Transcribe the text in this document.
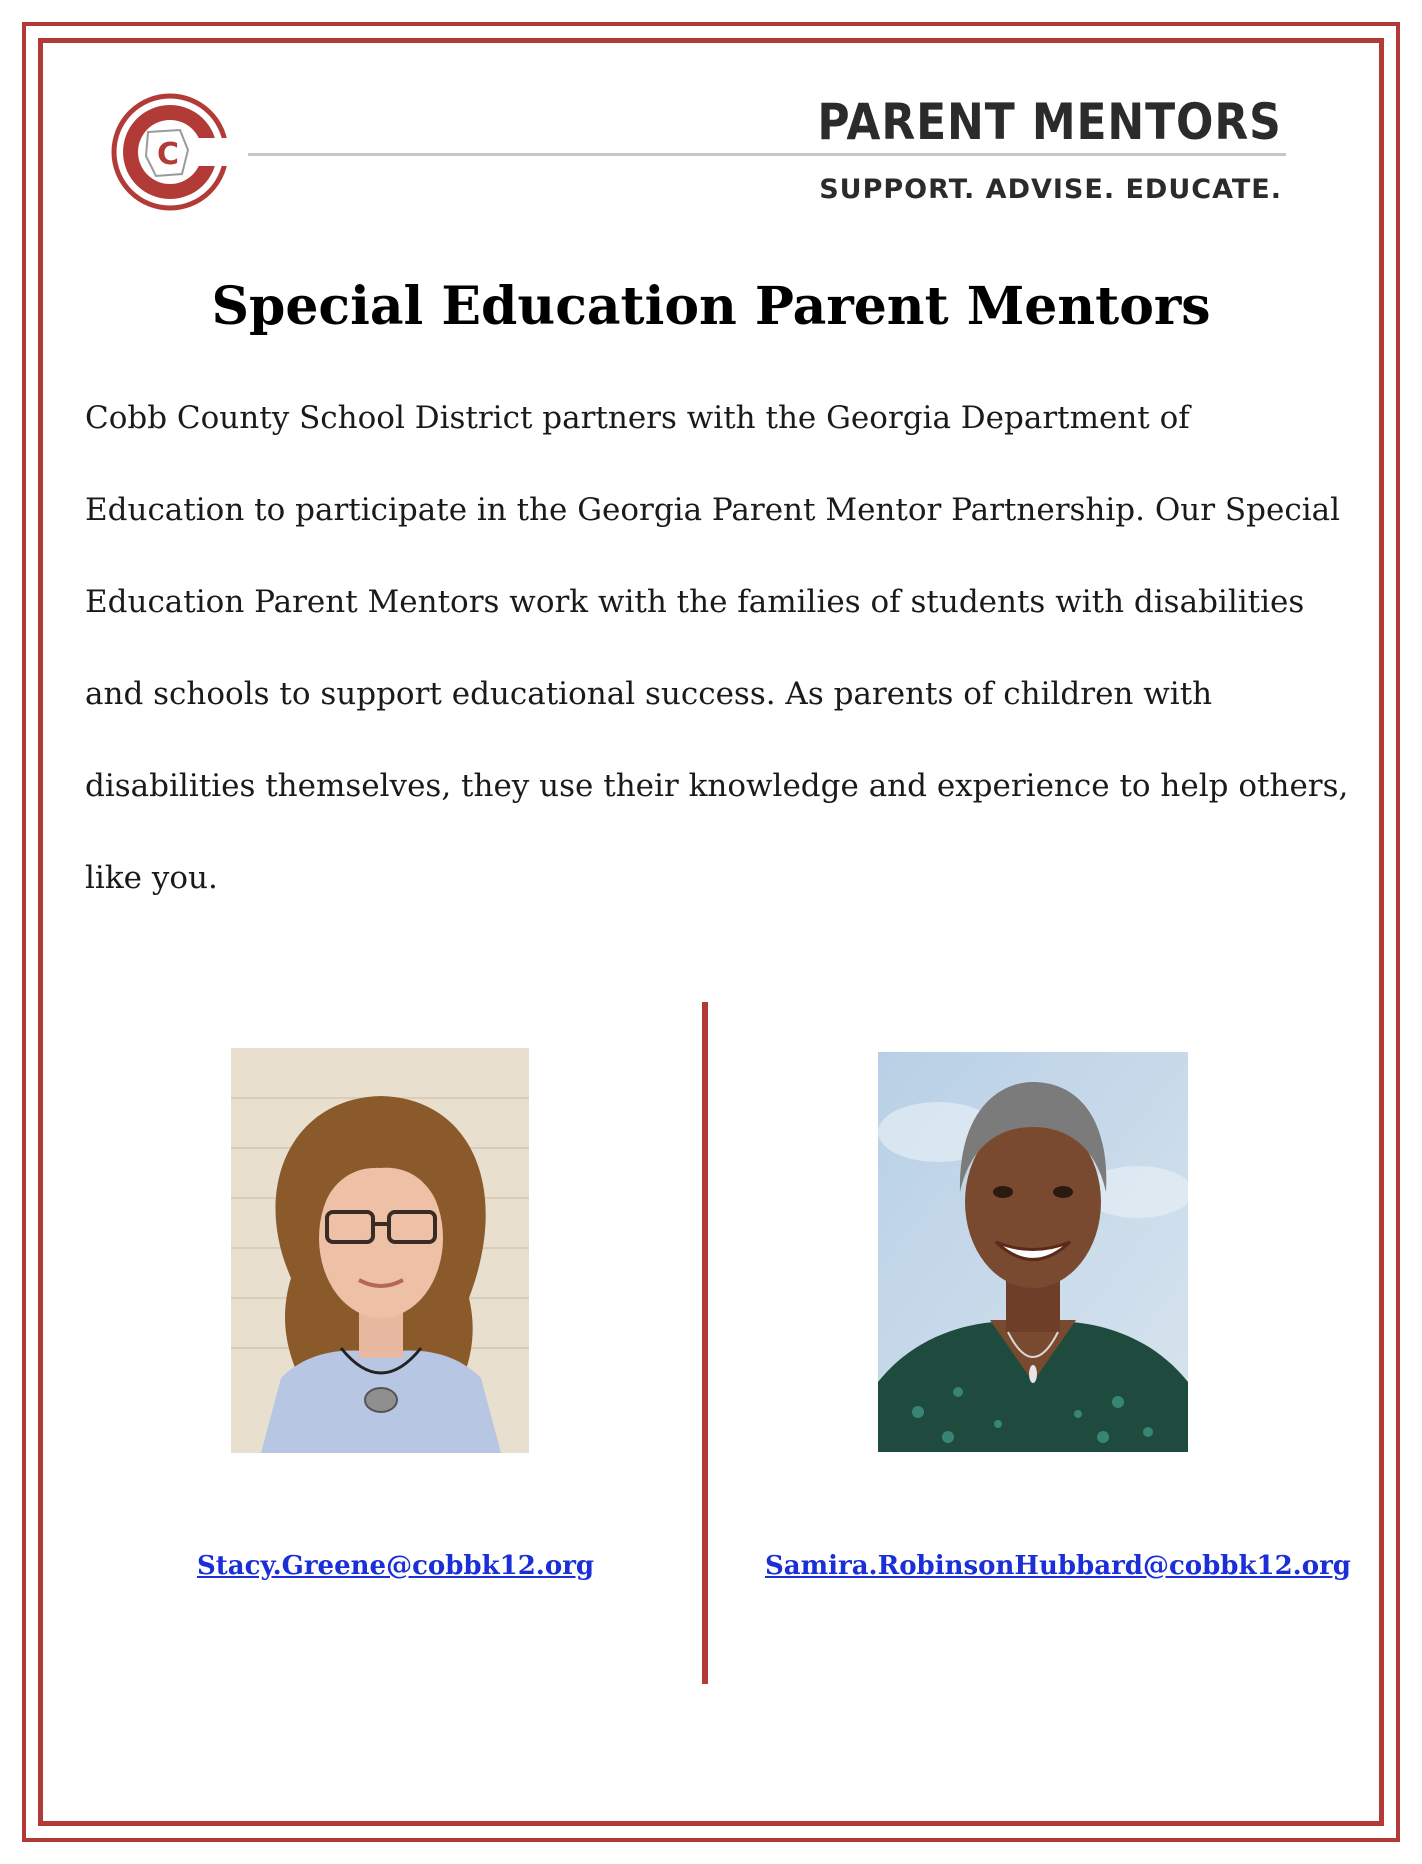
C
PARENT MENTORS

SUPPORT. ADVISE. EDUCATE.

Special Education Parent Mentors

Cobb County School District partners with the Georgia Department of Education to participate in the Georgia Parent Mentor Partnership. Our Special Education Parent Mentors work with the families of students with disabilities and schools to support educational success. As parents of children with disabilities themselves, they use their knowledge and experience to help others, like you.

Stacy.Greene@cobbk12.org	Samira.RobinsonHubbard@cobbk12.org
